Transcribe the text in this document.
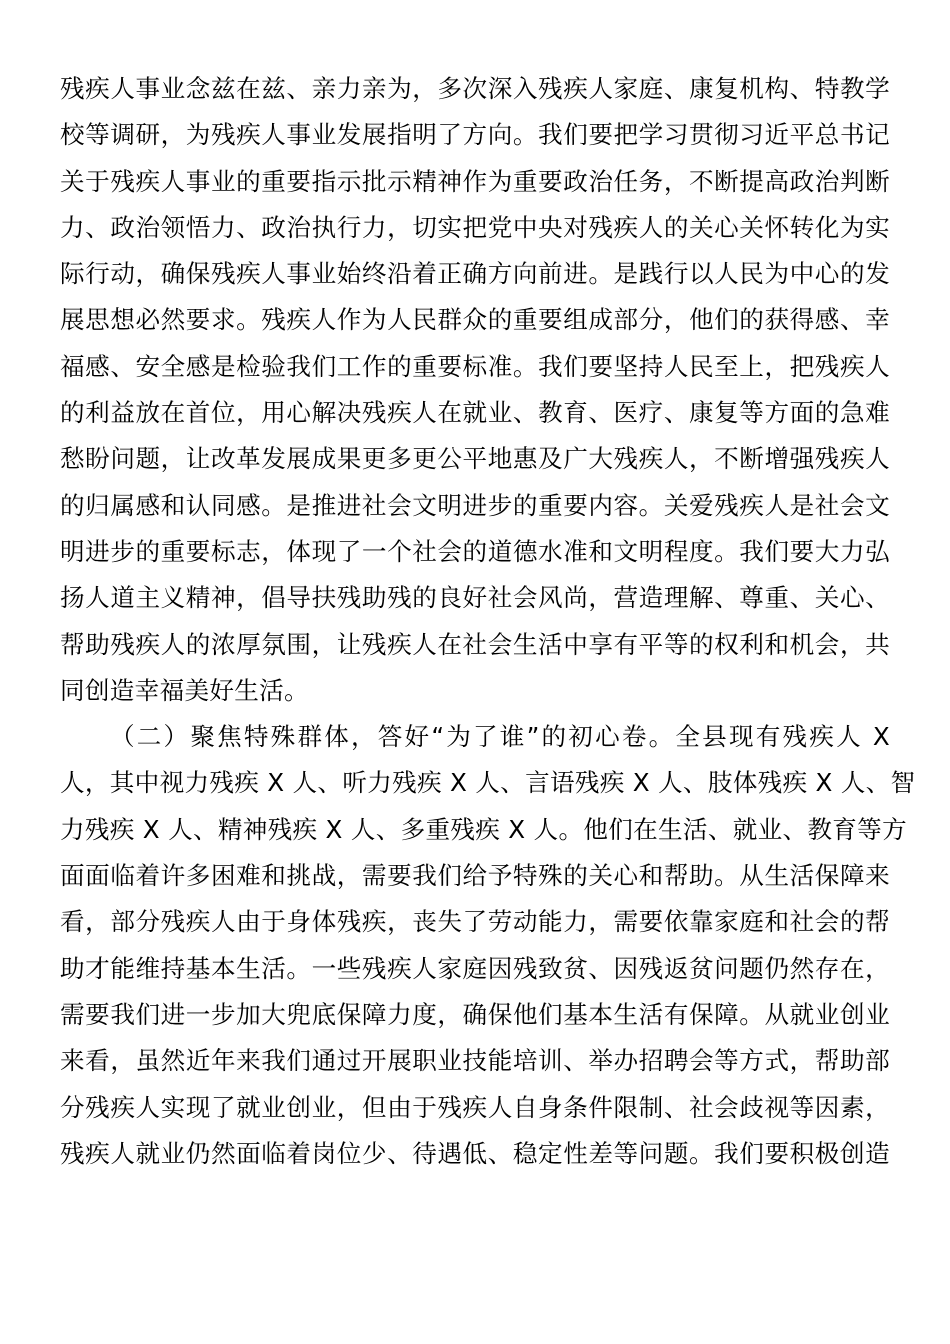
残疾人事业念兹在兹、亲力亲为，多次深入残疾人家庭、康复机构、特教学
校等调研，为残疾人事业发展指明了方向。我们要把学习贯彻习近平总书记
关于残疾人事业的重要指示批示精神作为重要政治任务，不断提高政治判断
力、政治领悟力、政治执行力，切实把党中央对残疾人的关心关怀转化为实
际行动，确保残疾人事业始终沿着正确方向前进。是践行以人民为中心的发
展思想必然要求。残疾人作为人民群众的重要组成部分，他们的获得感、幸
福感、安全感是检验我们工作的重要标准。我们要坚持人民至上，把残疾人
的利益放在首位，用心解决残疾人在就业、教育、医疗、康复等方面的急难
愁盼问题，让改革发展成果更多更公平地惠及广大残疾人，不断增强残疾人
的归属感和认同感。是推进社会文明进步的重要内容。关爱残疾人是社会文
明进步的重要标志，体现了一个社会的道德水准和文明程度。我们要大力弘
扬人道主义精神，倡导扶残助残的良好社会风尚，营造理解、尊重、关心、
帮助残疾人的浓厚氛围，让残疾人在社会生活中享有平等的权利和机会，共
同创造幸福美好生活。
（二）聚焦特殊群体，答好“为了谁”的初心卷。全县现有残疾人 X
人，其中视力残疾 X 人、听力残疾 X 人、言语残疾 X 人、肢体残疾 X 人、智
力残疾 X 人、精神残疾 X 人、多重残疾 X 人。他们在生活、就业、教育等方
面面临着许多困难和挑战，需要我们给予特殊的关心和帮助。从生活保障来
看，部分残疾人由于身体残疾，丧失了劳动能力，需要依靠家庭和社会的帮
助才能维持基本生活。一些残疾人家庭因残致贫、因残返贫问题仍然存在，
需要我们进一步加大兜底保障力度，确保他们基本生活有保障。从就业创业
来看，虽然近年来我们通过开展职业技能培训、举办招聘会等方式，帮助部
分残疾人实现了就业创业，但由于残疾人自身条件限制、社会歧视等因素，
残疾人就业仍然面临着岗位少、待遇低、稳定性差等问题。我们要积极创造
